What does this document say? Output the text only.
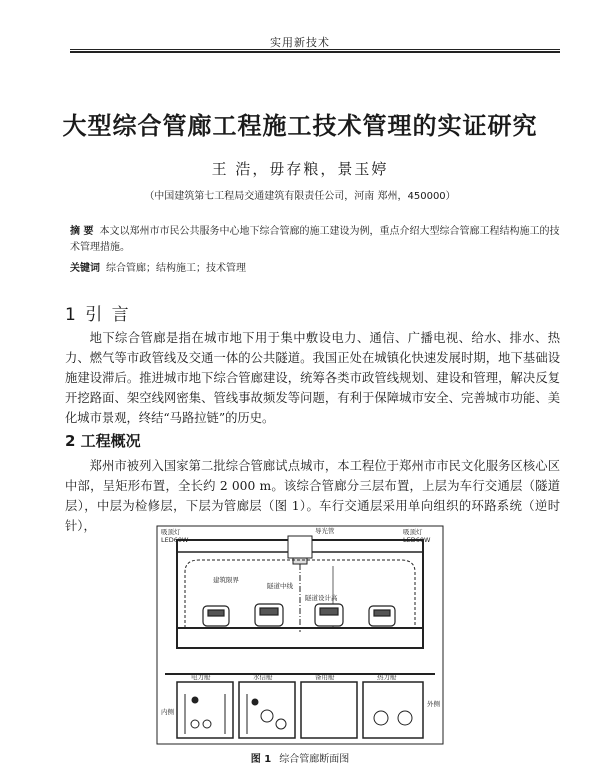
实用新技术
大型综合管廊工程施工技术管理的实证研究
王 浩，毋存粮，景玉婷
（中国建筑第七工程局交通建筑有限责任公司，河南 郑州，450000）
摘 要 本文以郑州市市民公共服务中心地下综合管廊的施工建设为例，重点介绍大型综合管廊工程结构施工的技术管理措施。
关键词 综合管廊；结构施工；技术管理
1 引 言
地下综合管廊是指在城市地下用于集中敷设电力、通信、广播电视、给水、排水、热力、燃气等市政管线及交通一体的公共隧道。我国正处在城镇化快速发展时期，地下基础设施建设滞后。推进城市地下综合管廊建设，统筹各类市政管线规划、建设和管理，解决反复开挖路面、架空线网密集、管线事故频发等问题，有利于保障城市安全、完善城市功能、美化城市景观，终结“马路拉链”的历史。
2 工程概况
郑州市被列入国家第二批综合管廊试点城市，本工程位于郑州市市民文化服务区核心区中部，呈矩形布置，全长约 2 000 m。该综合管廊分三层布置，上层为车行交通层（隧道层），中层为检修层，下层为管廊层（图 1）。车行交通层采用单向组织的环路系统（逆时针），	吸顶灯
LED60W
吸顶灯
LED60W
导光管
建筑限界
隧道中线
隧道设计高
电力舱	水信舱	备用舱	热力舱
内侧
外侧
图 1 综合管廊断面图
